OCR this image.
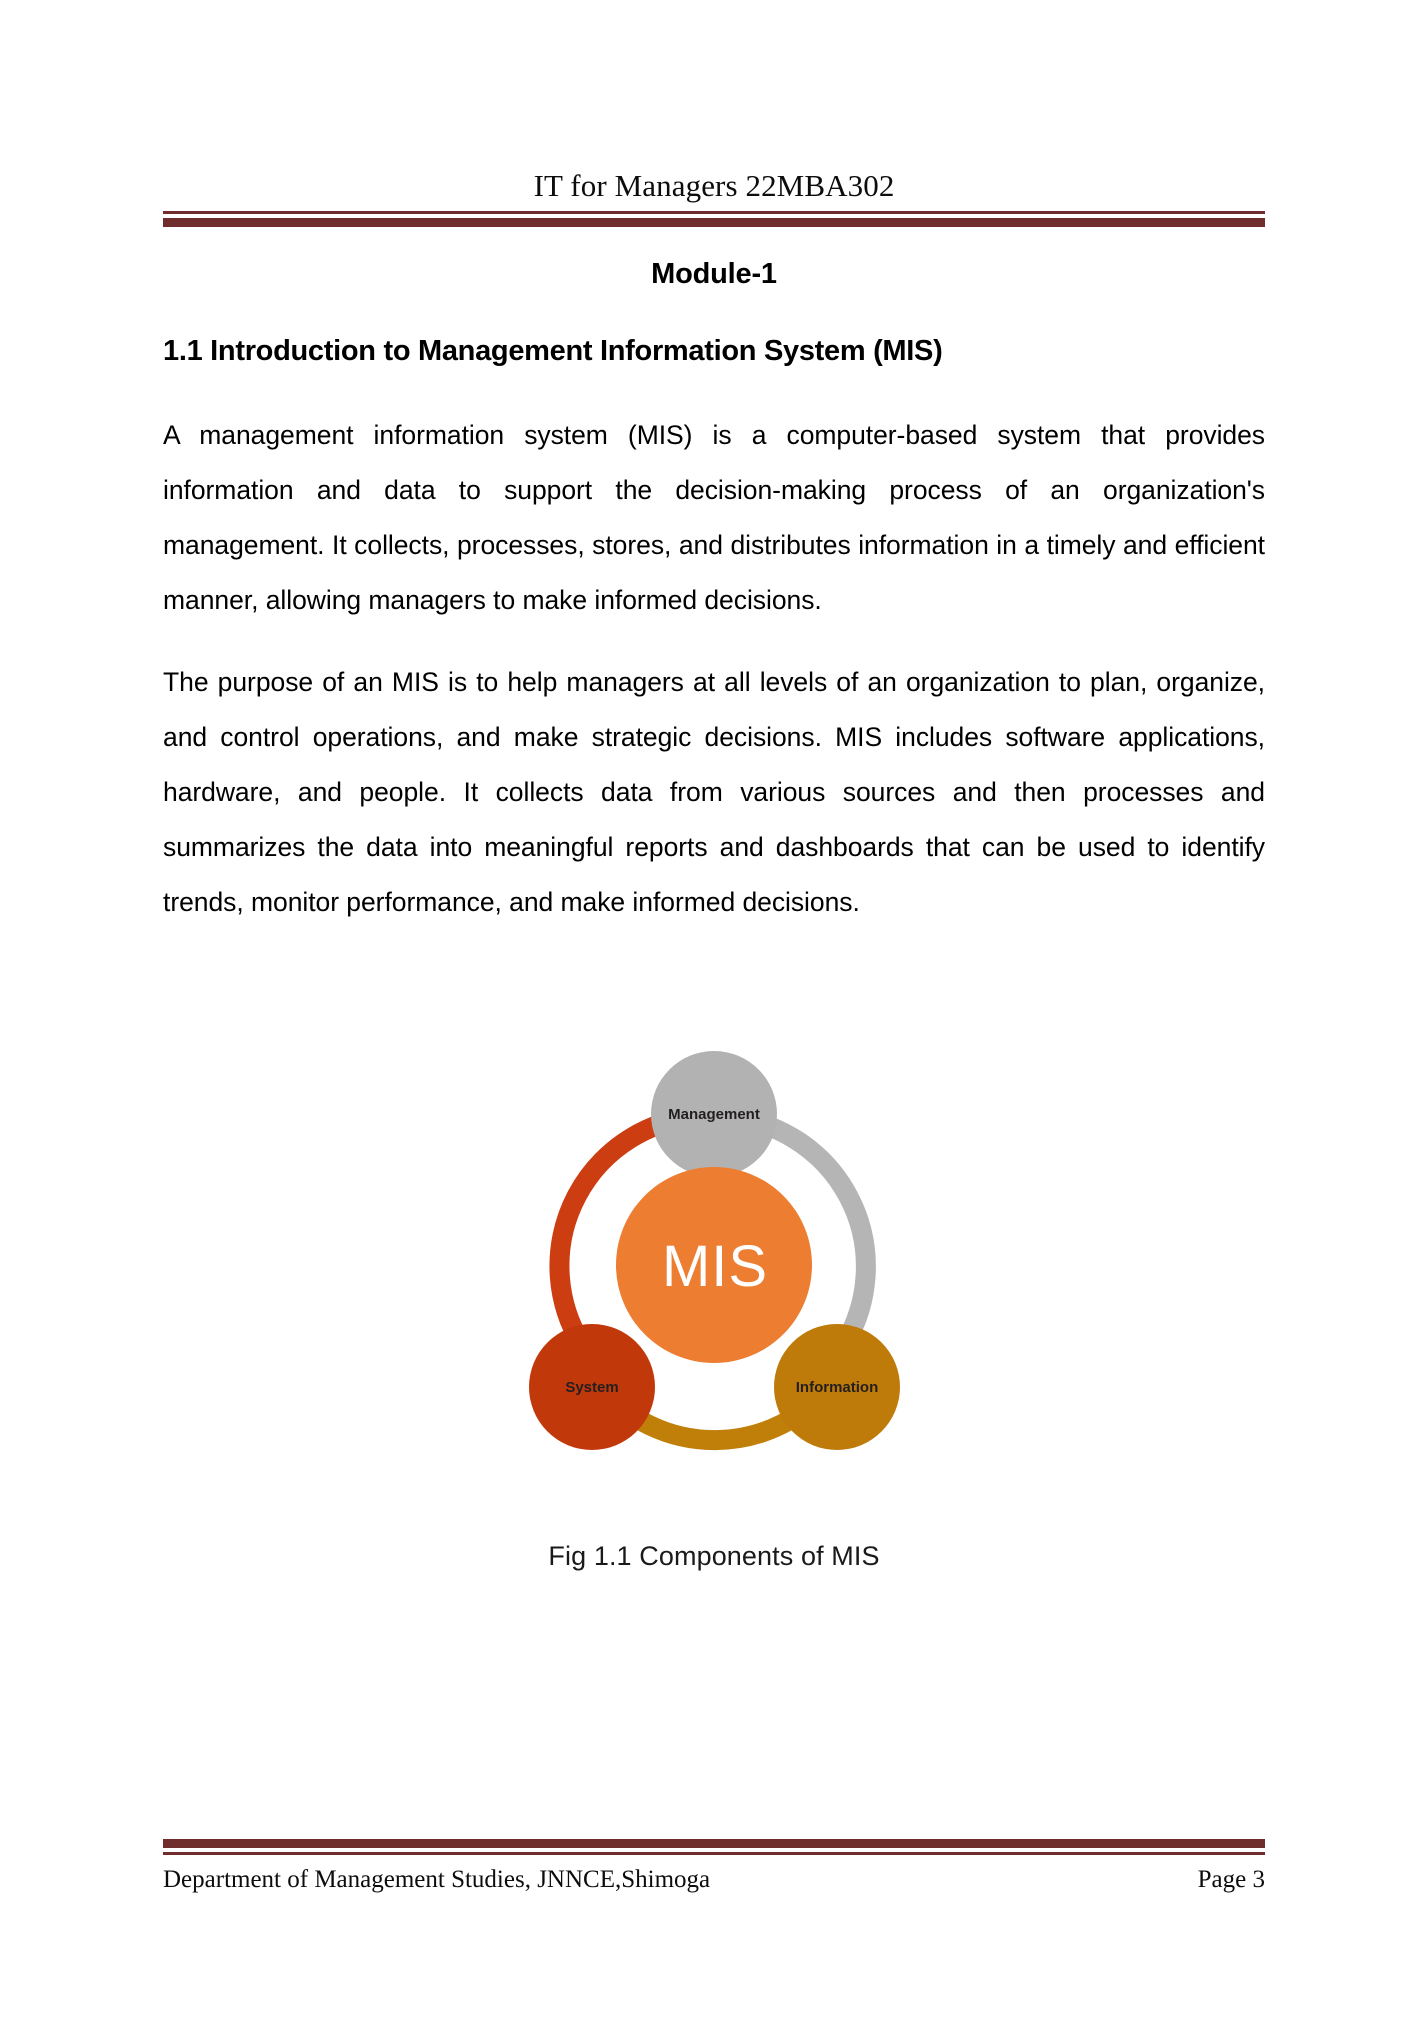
IT for Managers 22MBA302
Module-1
1.1 Introduction to Management Information System (MIS)

A management information system (MIS) is a computer-based system that provides information and data to support the decision-making process of an organization's management. It collects, processes, stores, and distributes information in a timely and efficient manner, allowing managers to make informed decisions.

The purpose of an MIS is to help managers at all levels of an organization to plan, organize, and control operations, and make strategic decisions. MIS includes software applications, hardware, and people. It collects data from various sources and then processes and summarizes the data into meaningful reports and dashboards that can be used to identify trends, monitor performance, and make informed decisions.

Management
System	Information
MIS
Fig 1.1 Components of MIS
Department of Management Studies, JNNCE,Shimoga	Page 3
